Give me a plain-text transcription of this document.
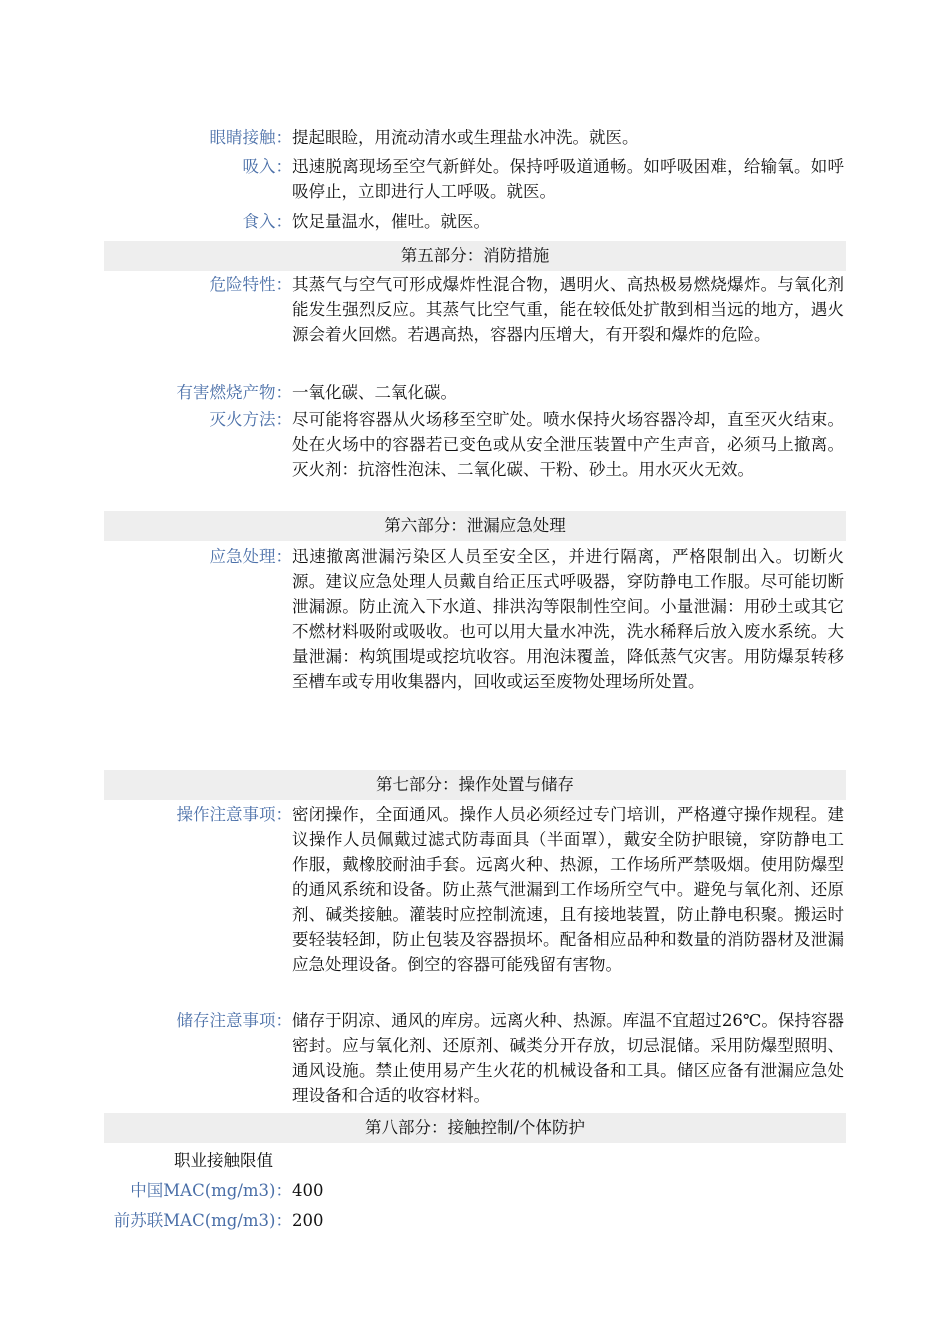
眼睛接触： 提起眼睑，用流动清水或生理盐水冲洗。就医。
吸入： 迅速脱离现场至空气新鲜处。保持呼吸道通畅。如呼吸困难，给输氧。如呼吸停止，立即进行人工呼吸。就医。
食入： 饮足量温水，催吐。就医。
第五部分：消防措施
危险特性： 其蒸气与空气可形成爆炸性混合物，遇明火、高热极易燃烧爆炸。与氧化剂能发生强烈反应。其蒸气比空气重，能在较低处扩散到相当远的地方，遇火源会着火回燃。若遇高热，容器内压增大，有开裂和爆炸的危险。
有害燃烧产物： 一氧化碳、二氧化碳。
灭火方法： 尽可能将容器从火场移至空旷处。喷水保持火场容器冷却，直至灭火结束。处在火场中的容器若已变色或从安全泄压装置中产生声音，必须马上撤离。灭火剂：抗溶性泡沫、二氧化碳、干粉、砂土。用水灭火无效。
第六部分：泄漏应急处理
应急处理： 迅速撤离泄漏污染区人员至安全区，并进行隔离，严格限制出入。切断火源。建议应急处理人员戴自给正压式呼吸器，穿防静电工作服。尽可能切断泄漏源。防止流入下水道、排洪沟等限制性空间。小量泄漏：用砂土或其它不燃材料吸附或吸收。也可以用大量水冲洗，洗水稀释后放入废水系统。大量泄漏：构筑围堤或挖坑收容。用泡沫覆盖，降低蒸气灾害。用防爆泵转移至槽车或专用收集器内，回收或运至废物处理场所处置。
第七部分：操作处置与储存
操作注意事项： 密闭操作，全面通风。操作人员必须经过专门培训，严格遵守操作规程。建议操作人员佩戴过滤式防毒面具（半面罩），戴安全防护眼镜，穿防静电工作服，戴橡胶耐油手套。远离火种、热源，工作场所严禁吸烟。使用防爆型的通风系统和设备。防止蒸气泄漏到工作场所空气中。避免与氧化剂、还原剂、碱类接触。灌装时应控制流速，且有接地装置，防止静电积聚。搬运时要轻装轻卸，防止包装及容器损坏。配备相应品种和数量的消防器材及泄漏应急处理设备。倒空的容器可能残留有害物。
储存注意事项： 储存于阴凉、通风的库房。远离火种、热源。库温不宜超过26℃。保持容器密封。应与氧化剂、还原剂、碱类分开存放，切忌混储。采用防爆型照明、通风设施。禁止使用易产生火花的机械设备和工具。储区应备有泄漏应急处理设备和合适的收容材料。
第八部分：接触控制/个体防护
职业接触限值
中国MAC(mg/m3)： 400
前苏联MAC(mg/m3)： 200
